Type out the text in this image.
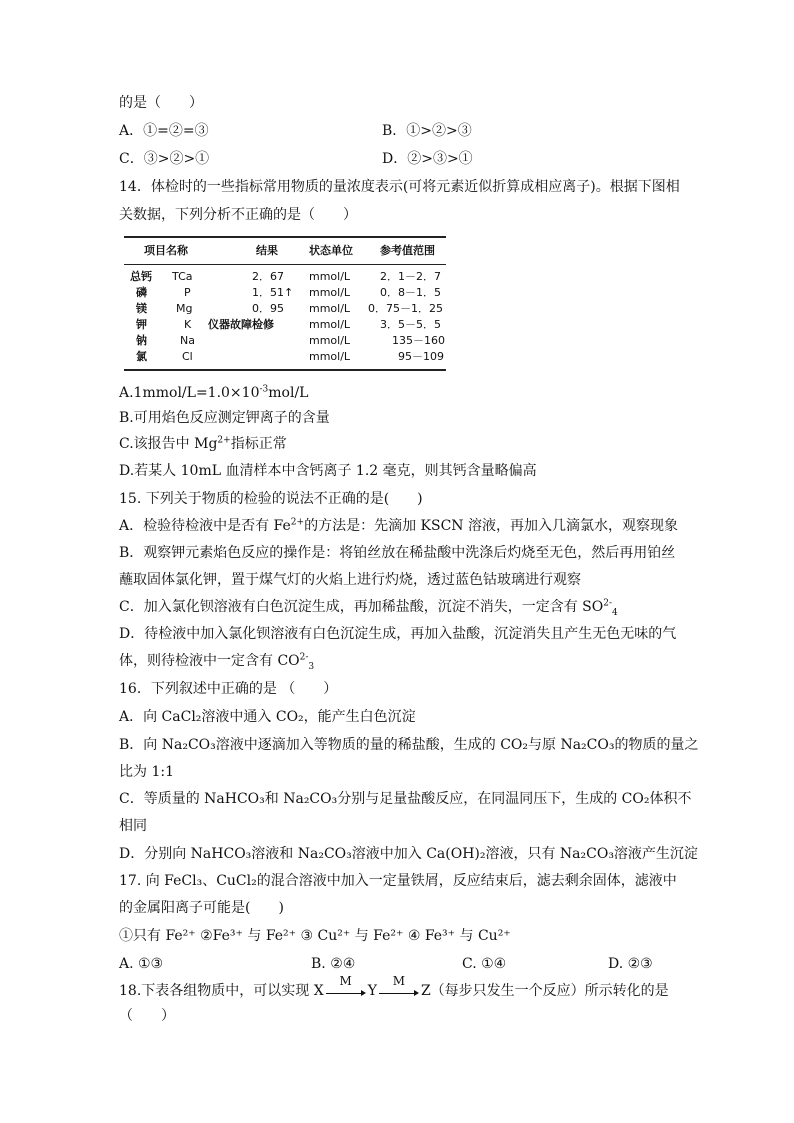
的是（　　）
A．①=②=③	B．①>②>③
C．③>②>①	D．②>③>①
14．体检时的一些指标常用物质的量浓度表示(可将元素近似折算成相应离子)。根据下图相
关数据，下列分析不正确的是（　　）
项目名称	结果	状态单位 参考值范围
总钙 TCa	2．67 mmol/L	2．1－2．7
磷	P	1．51↑ mmol/L	0．8－1．5
镁	Mg	0．95 mmol/L 0．75－1．25
钾	K 仪器故障检修	mmol/L	3．5－5．5
钠	Na	mmol/L	135－160
氯	Cl	mmol/L	95－109
$A.1mmol/L=1.0\times 10^{-3}mol/L$
B.可用焰色反应测定钾离子的含量
C.该报告中 $Mg^{2+}$指标正常
D.若某人 10mL 血清样本中含钙离子 1.2 毫克，则其钙含量略偏高
15. 下列关于物质的检验的说法不正确的是(　　)
A．检验待检液中是否有 $Fe^{2+}$的方法是：先滴加 KSCN 溶液，再加入几滴氯水，观察现象
B．观察钾元素焰色反应的操作是：将铂丝放在稀盐酸中洗涤后灼烧至无色，然后再用铂丝
蘸取固体氯化钾，置于煤气灯的火焰上进行灼烧，透过蓝色钴玻璃进行观察
C．加入氯化钡溶液有白色沉淀生成，再加稀盐酸，沉淀不消失，一定含有 $SO^{2-}_4$
D．待检液中加入氯化钡溶液有白色沉淀生成，再加入盐酸，沉淀消失且产生无色无味的气
体，则待检液中一定含有 $CO^{2-}_3$
16．下列叙述中正确的是 （　　）
A．向 CaCl₂溶液中通入 CO₂，能产生白色沉淀
B．向 Na₂CO₃溶液中逐滴加入等物质的量的稀盐酸，生成的 CO₂与原 Na₂CO₃的物质的量之
比为 1:1
C．等质量的 NaHCO₃和 Na₂CO₃分别与足量盐酸反应，在同温同压下，生成的 CO₂体积不
相同
D．分别向 NaHCO₃溶液和 Na₂CO₃溶液中加入 Ca(OH)₂溶液，只有 Na₂CO₃溶液产生沉淀
17. 向 FeCl₃、CuCl₂的混合溶液中加入一定量铁屑，反应结束后，滤去剩余固体，滤液中
的金属阳离子可能是(　　)
①只有 Fe²⁺ ②Fe³⁺ 与 Fe²⁺ ③ Cu²⁺ 与 Fe²⁺ ④ Fe³⁺ 与 Cu²⁺
A. ①③	B. ②④	C. ①④	D. ②③
18.下表各组物质中，可以实现 X
M
Y
M
Z（每步只发生一个反应）所示转化的是
（　　）
